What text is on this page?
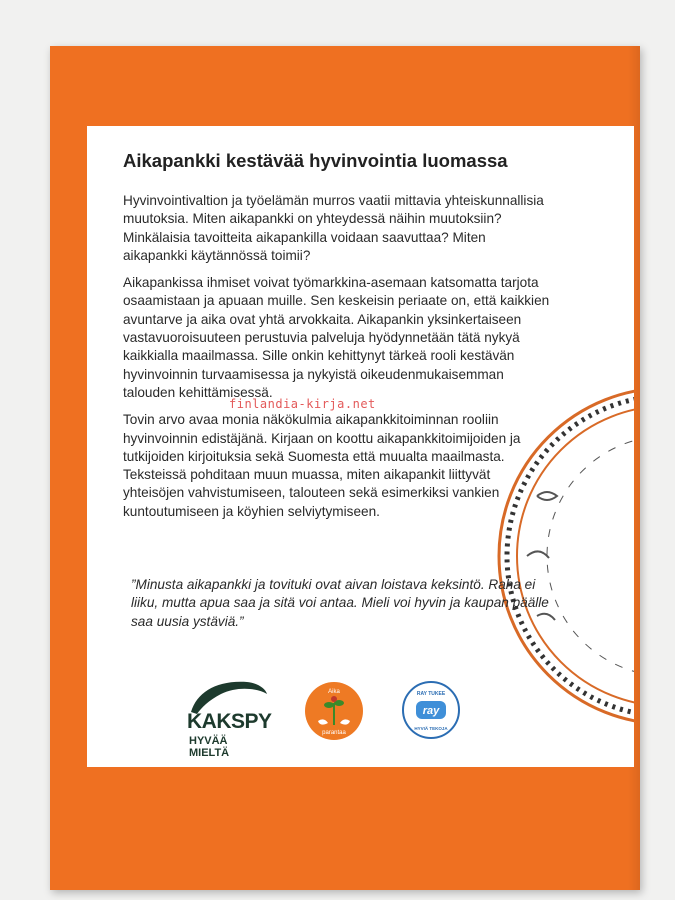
Aikapankki kestävää hyvinvointia luomassa

Hyvinvointivaltion ja työelämän murros vaatii mittavia yhteiskunnallisia muutoksia. Miten aikapankki on yhteydessä näihin muutoksiin? Minkälaisia tavoitteita aikapankilla voidaan saavuttaa? Miten aikapankki käytännössä toimii?

Aikapankissa ihmiset voivat työmarkkina-asemaan katsomatta tarjota osaamistaan ja apuaan muille. Sen keskeisin periaate on, että kaikkien avuntarve ja aika ovat yhtä arvokkaita. Aikapankin yksinkertaiseen vastavuoroisuuteen perustuvia palveluja hyödynnetään tätä nykyä kaikkialla maailmassa. Sille onkin kehittynyt tärkeä rooli kestävän hyvinvoinnin turvaamisessa ja nykyistä oikeudenmukaisemman talouden kehittämisessä.

Tovin arvo avaa monia näkökulmia aikapankkitoiminnan rooliin hyvinvoinnin edistäjänä. Kirjaan on koottu aikapankkitoimijoiden ja tutkijoiden kirjoituksia sekä Suomesta että muualta maailmasta. Teksteissä pohditaan muun muassa, miten aikapankit liittyvät yhteisöjen vahvistumiseen, talouteen sekä esimerkiksi vankien kuntoutumiseen ja köyhien selviytymiseen.

finlandia-kirja.net
”Minusta aikapankki ja tovituki ovat aivan loistava keksintö. Raha ei liiku, mutta apua saa ja sitä voi antaa. Mieli voi hyvin ja kaupan päälle saa uusia ystäviä.”
KAKSPY
HYVÄÄ MIELTÄ
Aika
parantaa
ray
RAY TUKEE
HYVIÄ TEKOJA
